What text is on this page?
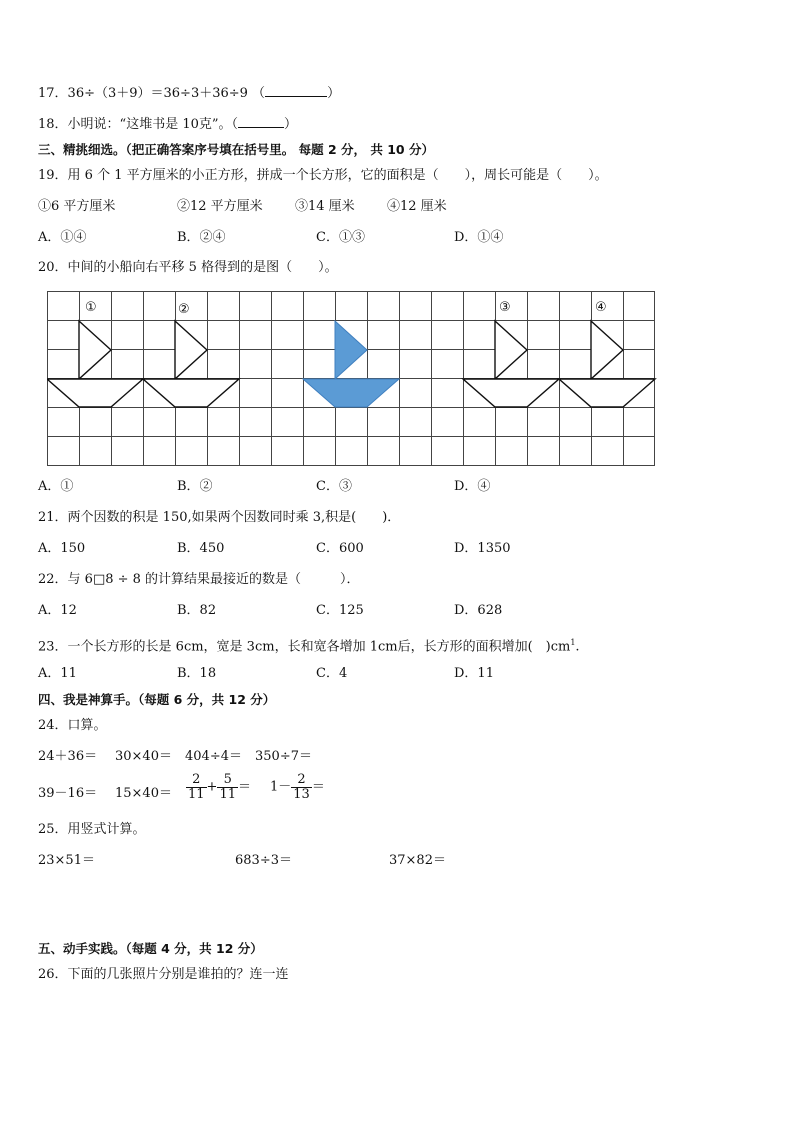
17．36÷（3＋9）＝36÷3＋36÷9 （	）
18．小明说：“这堆书是 10克”。（	）
三、精挑细选。（把正确答案序号填在括号里。 每题 2 分， 共 10 分）
19．用 6 个 1 平方厘米的小正方形，拼成一个长方形，它的面积是（　　），周长可能是（　　）。
①6 平方厘米	②12 平方厘米 ③14 厘米 ④12 厘米
A．①④	B．②④	C．①③	D．①④
20．中间的小船向右平移 5 格得到的是图（　　）。
①	②	③	④
A．①	B．②	C．③	D．④
21．两个因数的积是 150,如果两个因数同时乘 3,积是(　　)．
A．150	B．450	C．600	D．1350
22．与 6□8 ÷ 8 的计算结果最接近的数是（　　　）．
A．12	B．82	C．125	D．628
23．一个长方形的长是 6cm，宽是 3cm，长和宽各增加 1cm后，长方形的面积增加(　)$cm^1$.
A．11	B．18	C．4	D．11
四、我是神算手。（每题 6 分，共 12 分）
24．口算。
24＋36＝ 30×40＝ 404÷4＝ 350÷7＝
$39-16= 15\times 40= \frac{2}{11} + \frac{5}{11} = 1- \frac{2}{13}$ ＝
25．用竖式计算。
23×51＝	683÷3＝	37×82＝
五、动手实践。（每题 4 分，共 12 分）
26．下面的几张照片分别是谁拍的？连一连
